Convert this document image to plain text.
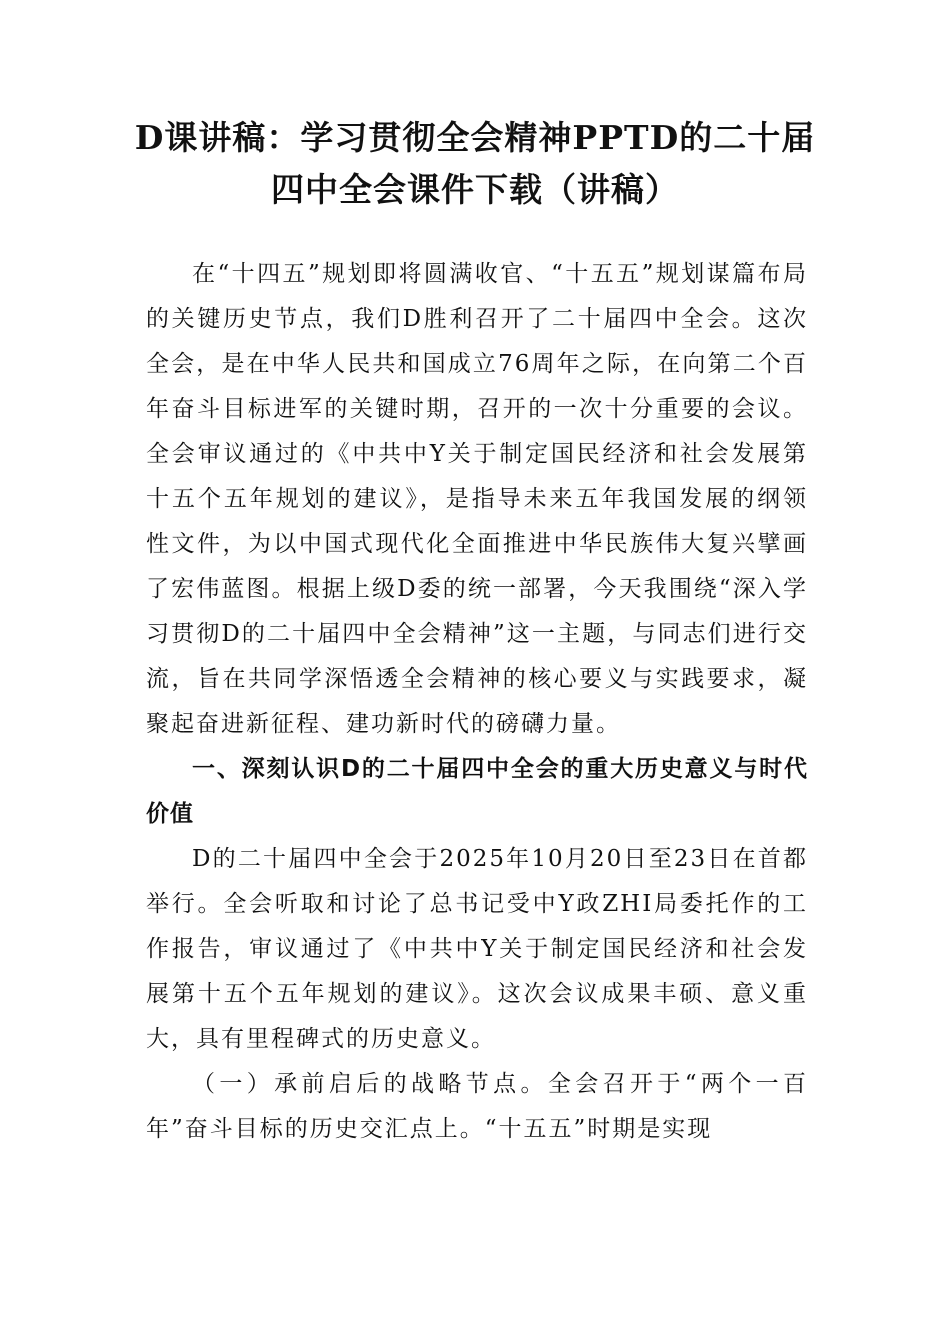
D课讲稿：学习贯彻全会精神PPTD的二十届四中全会课件下载（讲稿）

在“十四五”规划即将圆满收官、“十五五”规划谋篇布局的关键历史节点，我们D胜利召开了二十届四中全会。这次全会，是在中华人民共和国成立76周年之际，在向第二个百年奋斗目标进军的关键时期，召开的一次十分重要的会议。全会审议通过的《中共中Y关于制定国民经济和社会发展第十五个五年规划的建议》，是指导未来五年我国发展的纲领性文件，为以中国式现代化全面推进中华民族伟大复兴擘画了宏伟蓝图。根据上级D委的统一部署，今天我围绕“深入学习贯彻D的二十届四中全会精神”这一主题，与同志们进行交流，旨在共同学深悟透全会精神的核心要义与实践要求，凝聚起奋进新征程、建功新时代的磅礴力量。

一、深刻认识D的二十届四中全会的重大历史意义与时代价值

D的二十届四中全会于2025年10月20日至23日在首都举行。全会听取和讨论了总书记受中Y政ZHI局委托作的工作报告，审议通过了《中共中Y关于制定国民经济和社会发展第十五个五年规划的建议》。这次会议成果丰硕、意义重大，具有里程碑式的历史意义。

（一）承前启后的战略节点。全会召开于“两个一百年”奋斗目标的历史交汇点上。“十五五”时期是实现
